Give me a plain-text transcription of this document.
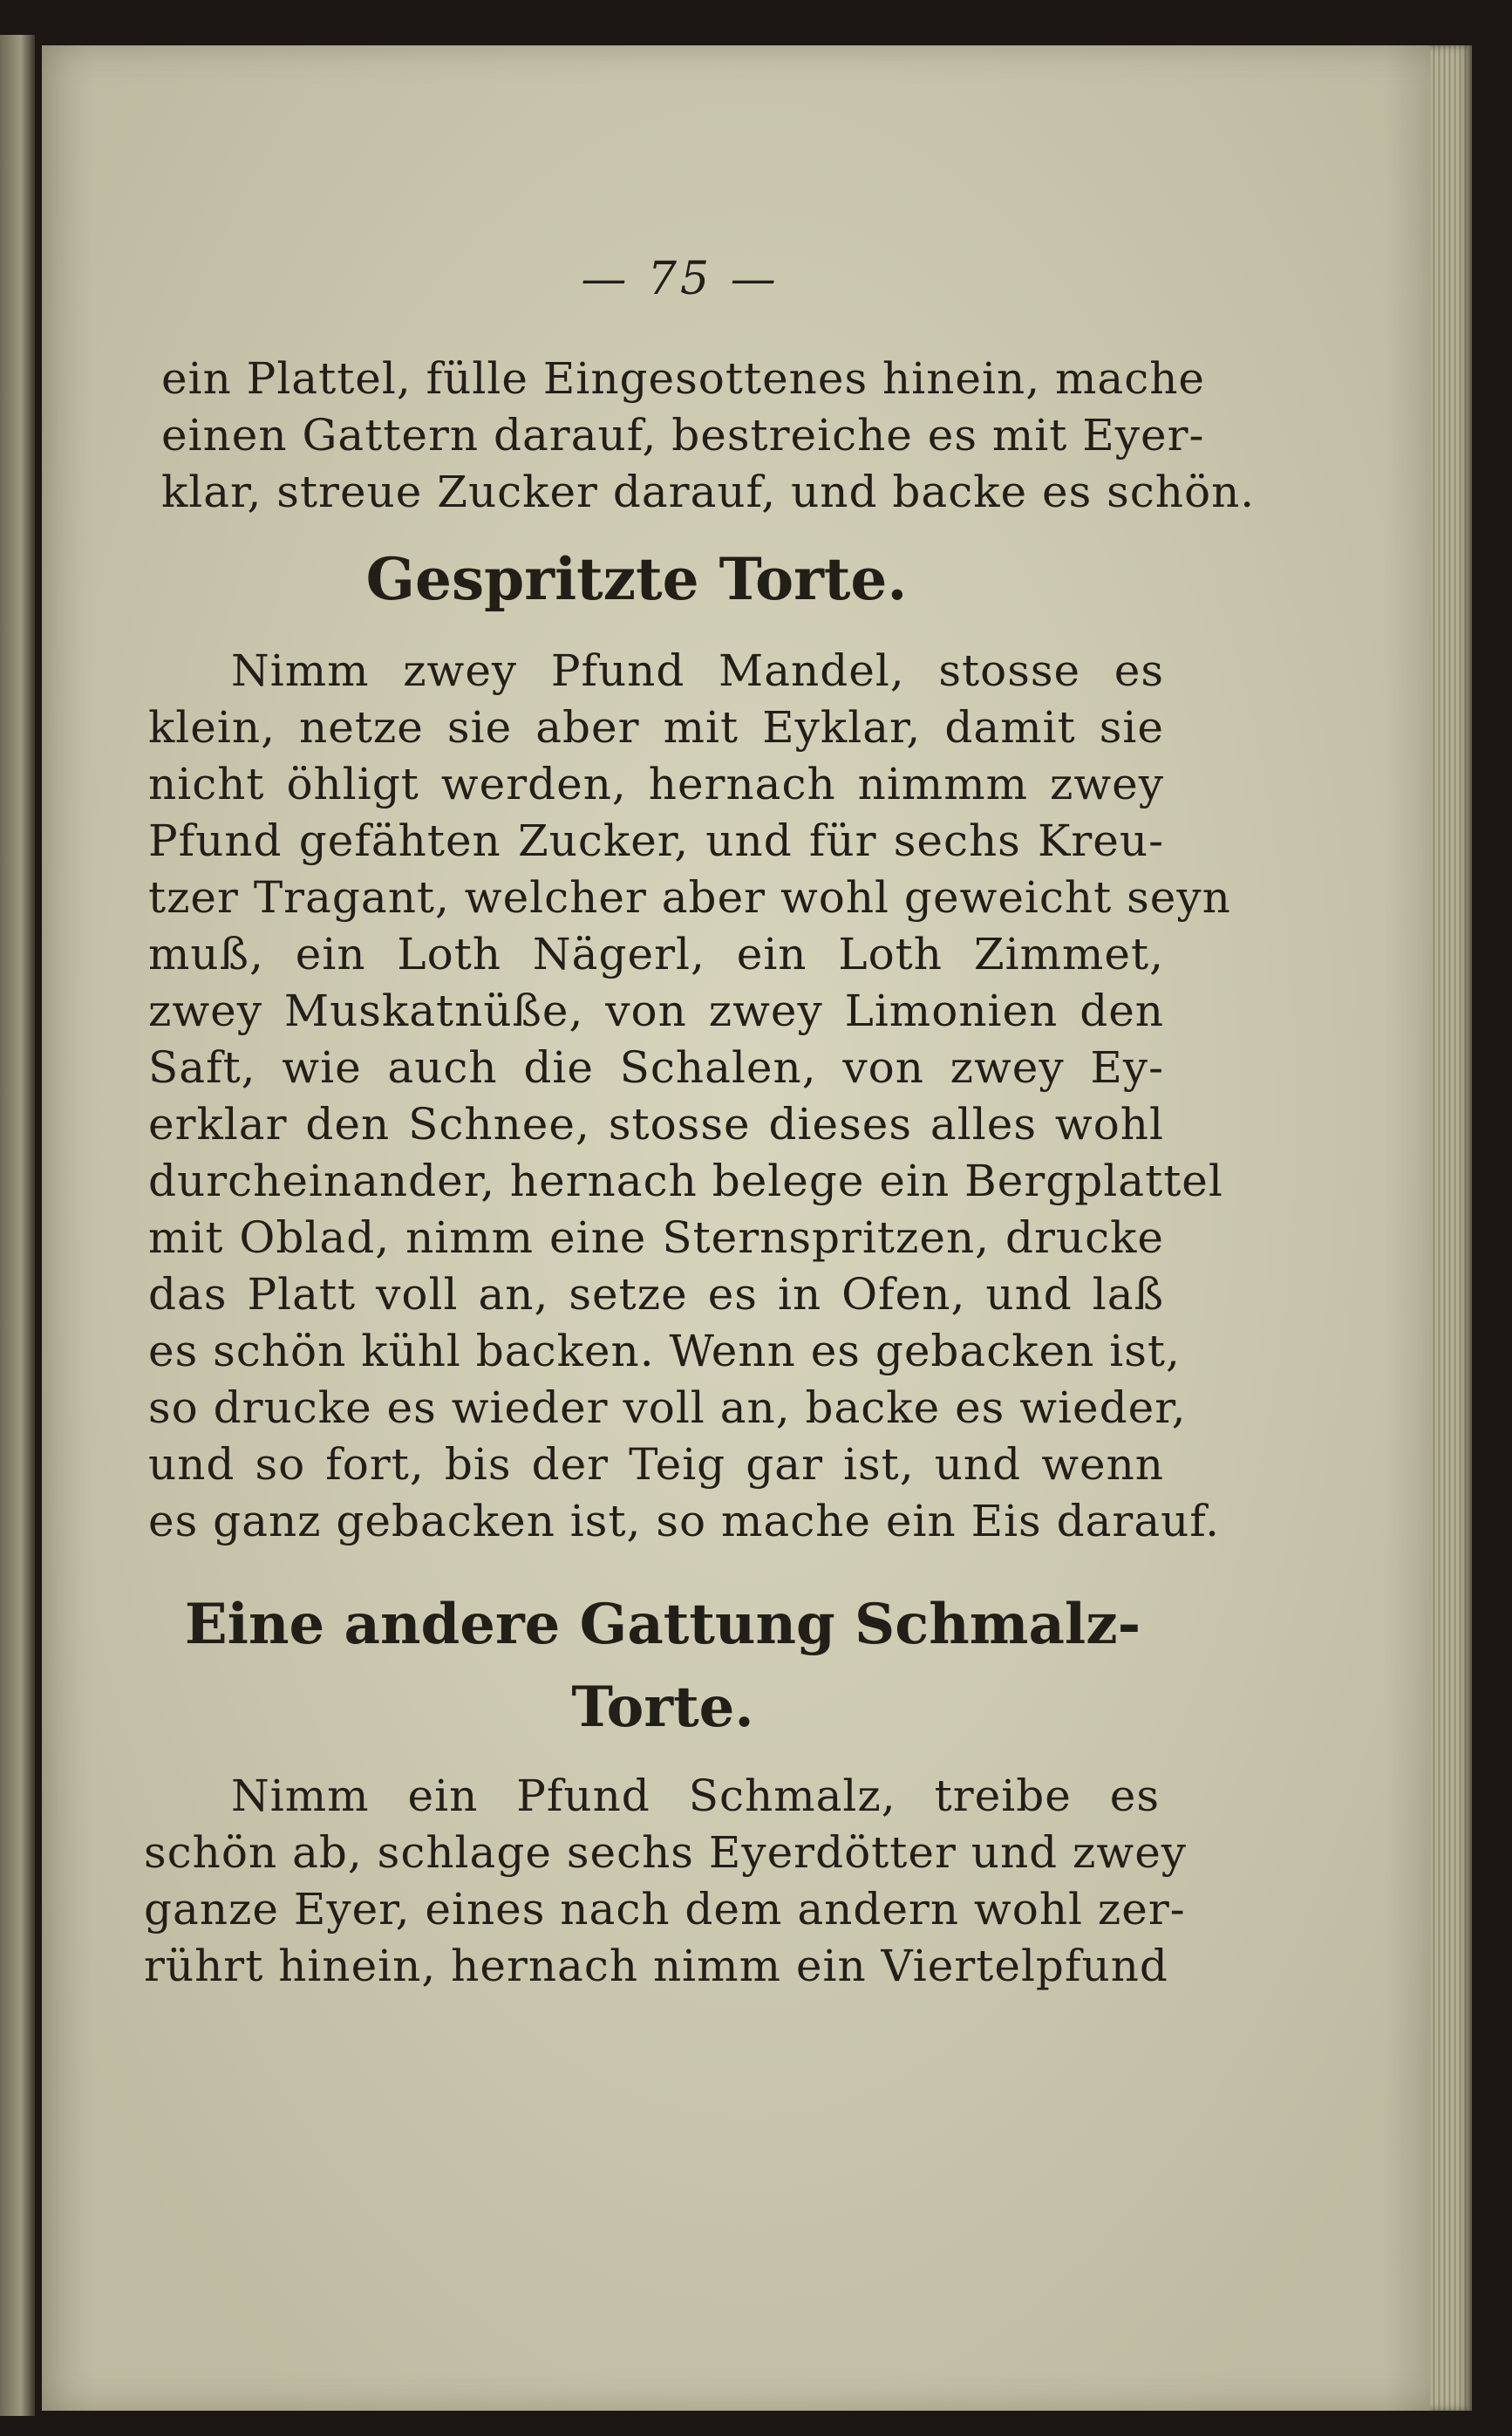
— 75 —
ein Plattel, fülle Eingesottenes hinein, mache
einen Gattern darauf, bestreiche es mit Eyer-
klar, streue Zucker darauf, und backe es schön.
Gespritzte Torte.
Nimm zwey Pfund Mandel, stosse es
klein, netze sie aber mit Eyklar, damit sie
nicht öhligt werden, hernach nimmm zwey
Pfund gefähten Zucker, und für sechs Kreu-
tzer Tragant, welcher aber wohl geweicht seyn
muß, ein Loth Nägerl, ein Loth Zimmet,
zwey Muskatnüße, von zwey Limonien den
Saft, wie auch die Schalen, von zwey Ey-
erklar den Schnee, stosse dieses alles wohl
durcheinander, hernach belege ein Bergplattel
mit Oblad, nimm eine Sternspritzen, drucke
das Platt voll an, setze es in Ofen, und laß
es schön kühl backen. Wenn es gebacken ist,
so drucke es wieder voll an, backe es wieder,
und so fort, bis der Teig gar ist, und wenn
es ganz gebacken ist, so mache ein Eis darauf.
Eine andere Gattung Schmalz-
Torte.
Nimm ein Pfund Schmalz, treibe es
schön ab, schlage sechs Eyerdötter und zwey
ganze Eyer, eines nach dem andern wohl zer-
rührt hinein, hernach nimm ein Viertelpfund
